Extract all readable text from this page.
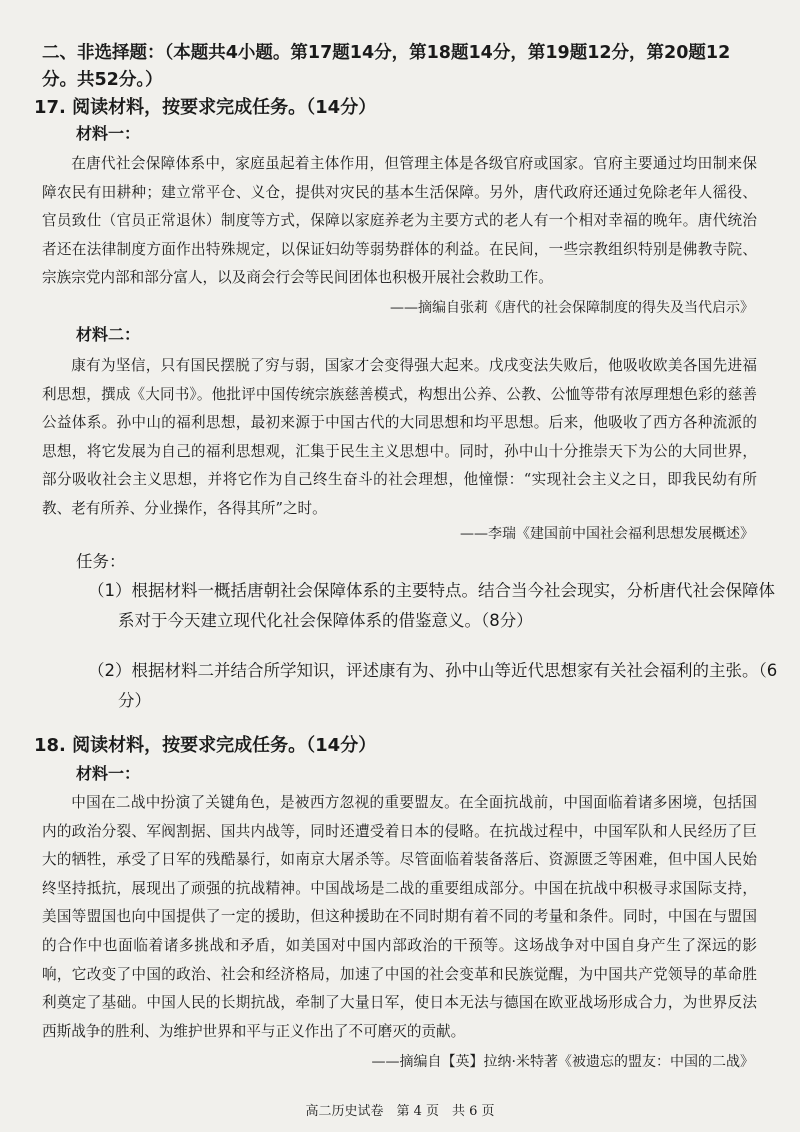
二、非选择题：（本题共4小题。第17题14分，第18题14分，第19题12分，第20题12分。共52分。）
17. 阅读材料，按要求完成任务。（14分）
材料一：
在唐代社会保障体系中，家庭虽起着主体作用，但管理主体是各级官府或国家。官府主要通过均田制来保障农民有田耕种；建立常平仓、义仓，提供对灾民的基本生活保障。另外，唐代政府还通过免除老年人徭役、官员致仕（官员正常退休）制度等方式，保障以家庭养老为主要方式的老人有一个相对幸福的晚年。唐代统治者还在法律制度方面作出特殊规定，以保证妇幼等弱势群体的利益。在民间，一些宗教组织特别是佛教寺院、宗族宗党内部和部分富人，以及商会行会等民间团体也积极开展社会救助工作。
——摘编自张莉《唐代的社会保障制度的得失及当代启示》
材料二：
康有为坚信，只有国民摆脱了穷与弱，国家才会变得强大起来。戊戌变法失败后，他吸收欧美各国先进福利思想，撰成《大同书》。他批评中国传统宗族慈善模式，构想出公养、公教、公恤等带有浓厚理想色彩的慈善公益体系。孙中山的福利思想，最初来源于中国古代的大同思想和均平思想。后来，他吸收了西方各种流派的思想，将它发展为自己的福利思想观，汇集于民生主义思想中。同时，孙中山十分推崇天下为公的大同世界，部分吸收社会主义思想，并将它作为自己终生奋斗的社会理想，他憧憬：“实现社会主义之日，即我民幼有所教、老有所养、分业操作，各得其所”之时。
——李瑞《建国前中国社会福利思想发展概述》
任务：
（1）根据材料一概括唐朝社会保障体系的主要特点。结合当今社会现实，分析唐代社会保障体系对于今天建立现代化社会保障体系的借鉴意义。（8分）
（2）根据材料二并结合所学知识，评述康有为、孙中山等近代思想家有关社会福利的主张。（6分）
18. 阅读材料，按要求完成任务。（14分）
材料一：
中国在二战中扮演了关键角色，是被西方忽视的重要盟友。在全面抗战前，中国面临着诸多困境，包括国内的政治分裂、军阀割据、国共内战等，同时还遭受着日本的侵略。在抗战过程中，中国军队和人民经历了巨大的牺牲，承受了日军的残酷暴行，如南京大屠杀等。尽管面临着装备落后、资源匮乏等困难，但中国人民始终坚持抵抗，展现出了顽强的抗战精神。中国战场是二战的重要组成部分。中国在抗战中积极寻求国际支持，美国等盟国也向中国提供了一定的援助，但这种援助在不同时期有着不同的考量和条件。同时，中国在与盟国的合作中也面临着诸多挑战和矛盾，如美国对中国内部政治的干预等。这场战争对中国自身产生了深远的影响，它改变了中国的政治、社会和经济格局，加速了中国的社会变革和民族觉醒，为中国共产党领导的革命胜利奠定了基础。中国人民的长期抗战，牵制了大量日军，使日本无法与德国在欧亚战场形成合力，为世界反法西斯战争的胜利、为维护世界和平与正义作出了不可磨灭的贡献。
——摘编自【英】拉纳·米特著《被遗忘的盟友：中国的二战》
高二历史试卷　第 4 页　共 6 页
